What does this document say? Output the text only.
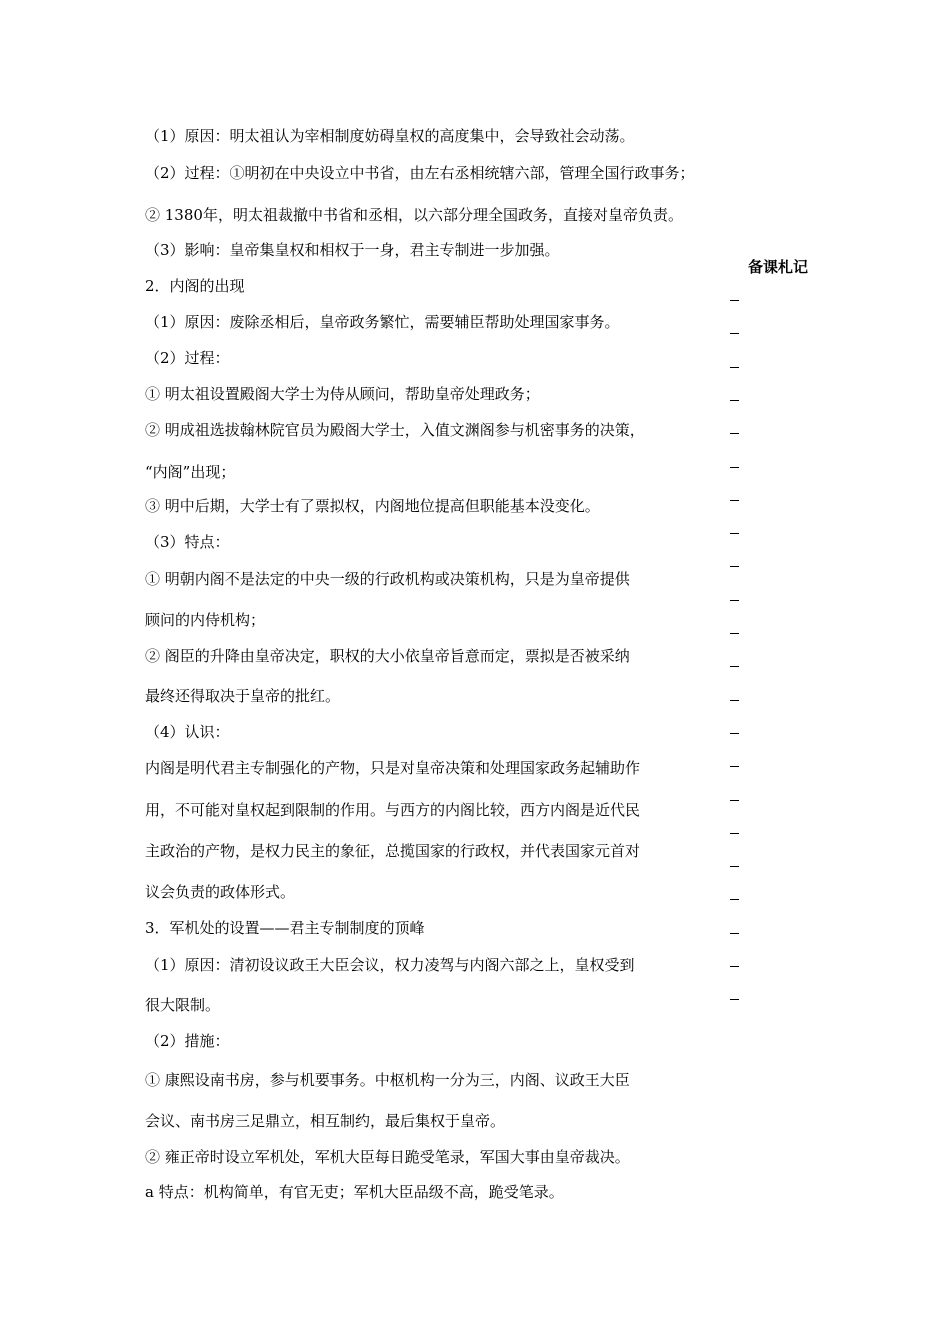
备课札记
（1）原因：明太祖认为宰相制度妨碍皇权的高度集中，会导致社会动荡。
（2）过程：①明初在中央设立中书省，由左右丞相统辖六部，管理全国行政事务；
② 1380年，明太祖裁撤中书省和丞相，以六部分理全国政务，直接对皇帝负责。
（3）影响：皇帝集皇权和相权于一身，君主专制进一步加强。
2．内阁的出现
（1）原因：废除丞相后，皇帝政务繁忙，需要辅臣帮助处理国家事务。
（2）过程：
① 明太祖设置殿阁大学士为侍从顾问，帮助皇帝处理政务；
② 明成祖选拔翰林院官员为殿阁大学士，入值文渊阁参与机密事务的决策，
“内阁”出现；
③ 明中后期，大学士有了票拟权，内阁地位提高但职能基本没变化。
（3）特点：
① 明朝内阁不是法定的中央一级的行政机构或决策机构，只是为皇帝提供
顾问的内侍机构；
② 阁臣的升降由皇帝决定，职权的大小依皇帝旨意而定，票拟是否被采纳
最终还得取决于皇帝的批红。
（4）认识：
内阁是明代君主专制强化的产物，只是对皇帝决策和处理国家政务起辅助作
用，不可能对皇权起到限制的作用。与西方的内阁比较，西方内阁是近代民
主政治的产物，是权力民主的象征，总揽国家的行政权，并代表国家元首对
议会负责的政体形式。
3．军机处的设置——君主专制制度的顶峰
（1）原因：清初设议政王大臣会议，权力凌驾与内阁六部之上，皇权受到
很大限制。
（2）措施：
① 康熙设南书房，参与机要事务。中枢机构一分为三，内阁、议政王大臣
会议、南书房三足鼎立，相互制约，最后集权于皇帝。
② 雍正帝时设立军机处，军机大臣每日跪受笔录，军国大事由皇帝裁决。
a 特点：机构简单，有官无吏；军机大臣品级不高，跪受笔录。
